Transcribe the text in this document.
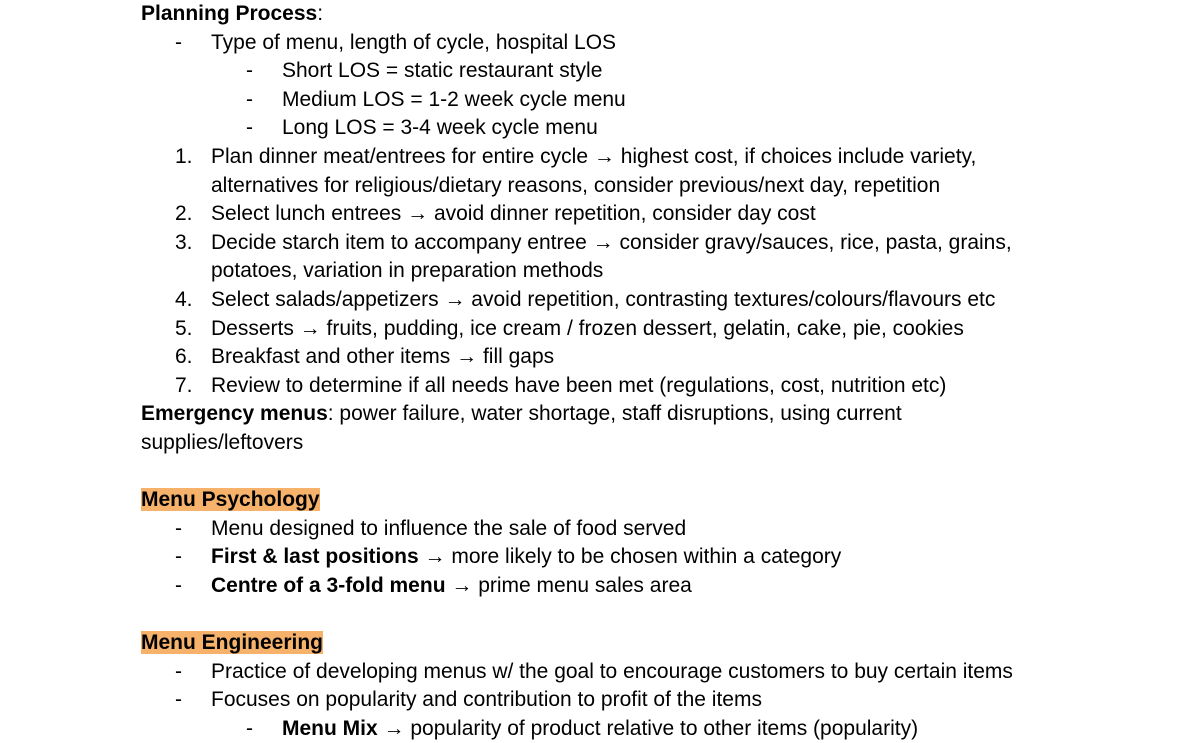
Planning Process:
- Type of menu, length of cycle, hospital LOS
- Short LOS = static restaurant style
- Medium LOS = 1-2 week cycle menu
- Long LOS = 3-4 week cycle menu
1. Plan dinner meat/entrees for entire cycle → highest cost, if choices include variety,
alternatives for religious/dietary reasons, consider previous/next day, repetition
2. Select lunch entrees → avoid dinner repetition, consider day cost
3. Decide starch item to accompany entree → consider gravy/sauces, rice, pasta, grains,
potatoes, variation in preparation methods
4. Select salads/appetizers → avoid repetition, contrasting textures/colours/flavours etc
5. Desserts → fruits, pudding, ice cream / frozen dessert, gelatin, cake, pie, cookies
6. Breakfast and other items → fill gaps
7. Review to determine if all needs have been met (regulations, cost, nutrition etc)
Emergency menus: power failure, water shortage, staff disruptions, using current
supplies/leftovers
Menu Psychology
- Menu designed to influence the sale of food served
- First & last positions → more likely to be chosen within a category
- Centre of a 3-fold menu → prime menu sales area
Menu Engineering
- Practice of developing menus w/ the goal to encourage customers to buy certain items
- Focuses on popularity and contribution to profit of the items
- Menu Mix → popularity of product relative to other items (popularity)
